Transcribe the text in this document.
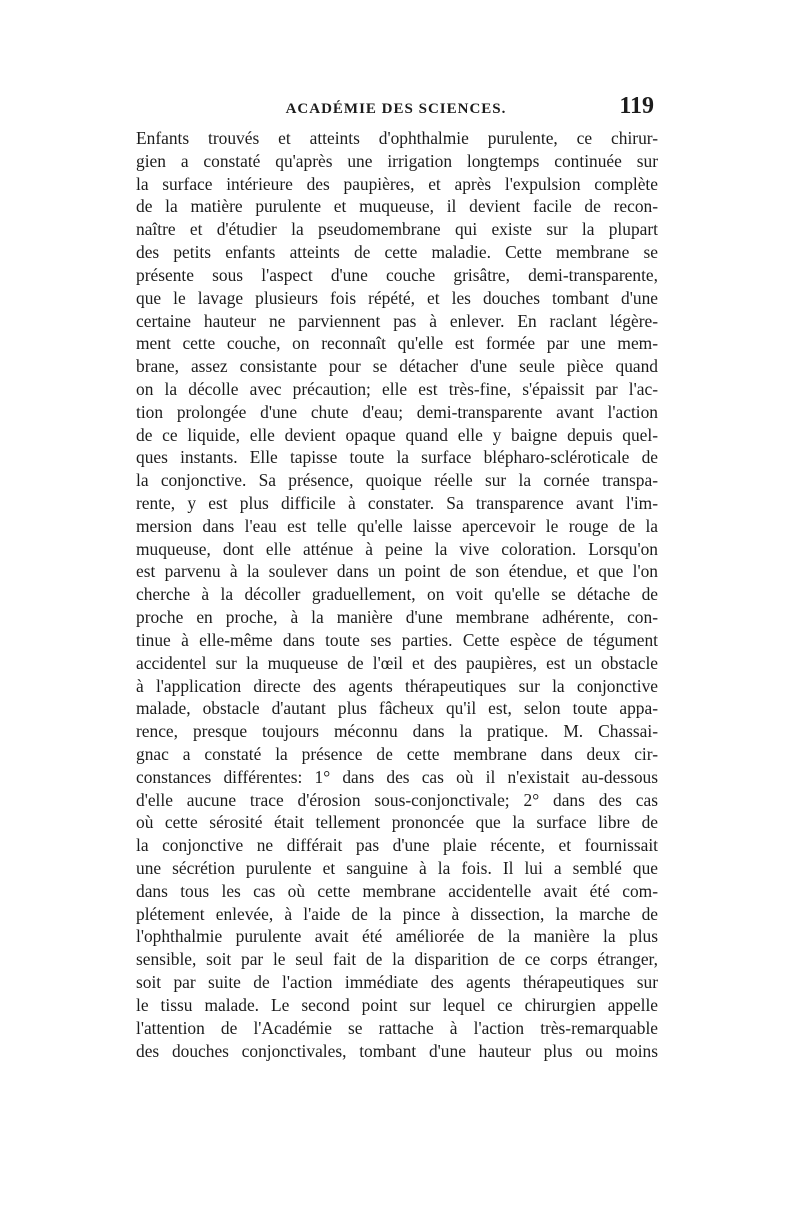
ACADÉMIE DES SCIENCES.	119
Enfants trouvés et atteints d'ophthalmie purulente, ce chirur-
gien a constaté qu'après une irrigation longtemps continuée sur
la surface intérieure des paupières, et après l'expulsion complète
de la matière purulente et muqueuse, il devient facile de recon-
naître et d'étudier la pseudomembrane qui existe sur la plupart
des petits enfants atteints de cette maladie. Cette membrane se
présente sous l'aspect d'une couche grisâtre, demi-transparente,
que le lavage plusieurs fois répété, et les douches tombant d'une
certaine hauteur ne parviennent pas à enlever. En raclant légère-
ment cette couche, on reconnaît qu'elle est formée par une mem-
brane, assez consistante pour se détacher d'une seule pièce quand
on la décolle avec précaution; elle est très-fine, s'épaissit par l'ac-
tion prolongée d'une chute d'eau; demi-transparente avant l'action
de ce liquide, elle devient opaque quand elle y baigne depuis quel-
ques instants. Elle tapisse toute la surface blépharo-scléroticale de
la conjonctive. Sa présence, quoique réelle sur la cornée transpa-
rente, y est plus difficile à constater. Sa transparence avant l'im-
mersion dans l'eau est telle qu'elle laisse apercevoir le rouge de la
muqueuse, dont elle atténue à peine la vive coloration. Lorsqu'on
est parvenu à la soulever dans un point de son étendue, et que l'on
cherche à la décoller graduellement, on voit qu'elle se détache de
proche en proche, à la manière d'une membrane adhérente, con-
tinue à elle-même dans toute ses parties. Cette espèce de tégument
accidentel sur la muqueuse de l'œil et des paupières, est un obstacle
à l'application directe des agents thérapeutiques sur la conjonctive
malade, obstacle d'autant plus fâcheux qu'il est, selon toute appa-
rence, presque toujours méconnu dans la pratique. M. Chassai-
gnac a constaté la présence de cette membrane dans deux cir-
constances différentes: 1° dans des cas où il n'existait au-dessous
d'elle aucune trace d'érosion sous-conjonctivale; 2° dans des cas
où cette sérosité était tellement prononcée que la surface libre de
la conjonctive ne différait pas d'une plaie récente, et fournissait
une sécrétion purulente et sanguine à la fois. Il lui a semblé que
dans tous les cas où cette membrane accidentelle avait été com-
plétement enlevée, à l'aide de la pince à dissection, la marche de
l'ophthalmie purulente avait été améliorée de la manière la plus
sensible, soit par le seul fait de la disparition de ce corps étranger,
soit par suite de l'action immédiate des agents thérapeutiques sur
le tissu malade. Le second point sur lequel ce chirurgien appelle
l'attention de l'Académie se rattache à l'action très-remarquable
des douches conjonctivales, tombant d'une hauteur plus ou moins
